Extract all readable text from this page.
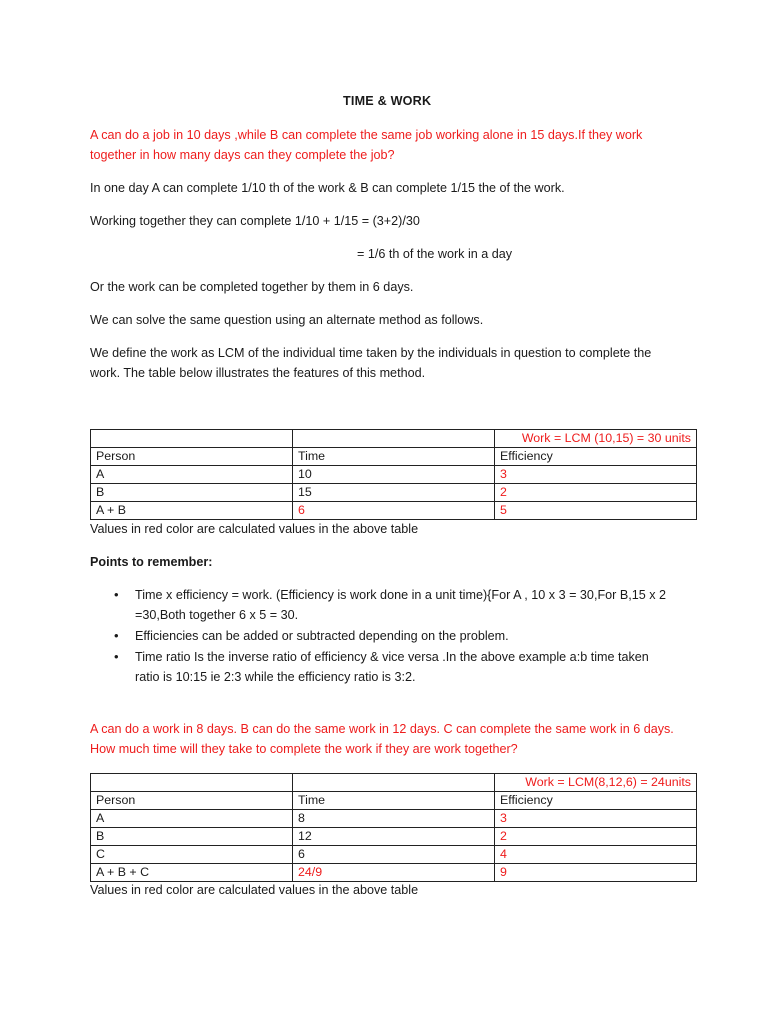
TIME & WORK
A can do a job in 10 days ,while B can complete the same job working alone in 15 days.If they work
together in how many days can they complete the job?
In one day A can complete 1/10 th of the work & B can complete 1/15 the of the work.
Working together they can complete 1/10 + 1/15 = (3+2)/30
= 1/6 th of the work in a day
Or the work can be completed together by them in 6 days.
We can solve the same question using an alternate method as follows.
We define the work as LCM of the individual time taken by the individuals in question to complete the
work. The table below illustrates the features of this method.
		Work = LCM (10,15) = 30 units
Person	Time	Efficiency
A	10	3
B	15	2
A + B	6	5
Values in red color are calculated values in the above table
Points to remember:
• Time x efficiency = work. (Efficiency is work done in a unit time){For A , 10 x 3 = 30,For B,15 x 2
=30,Both together 6 x 5 = 30.
• Efficiencies can be added or subtracted depending on the problem.
• Time ratio Is the inverse ratio of efficiency & vice versa .In the above example a:b time taken
ratio is 10:15 ie 2:3 while the efficiency ratio is 3:2.
A can do a work in 8 days. B can do the same work in 12 days. C can complete the same work in 6 days.
How much time will they take to complete the work if they are work together?
		Work = LCM(8,12,6) = 24units
Person	Time	Efficiency
A	8	3
B	12	2
C	6	4
A + B + C	24/9	9
Values in red color are calculated values in the above table
